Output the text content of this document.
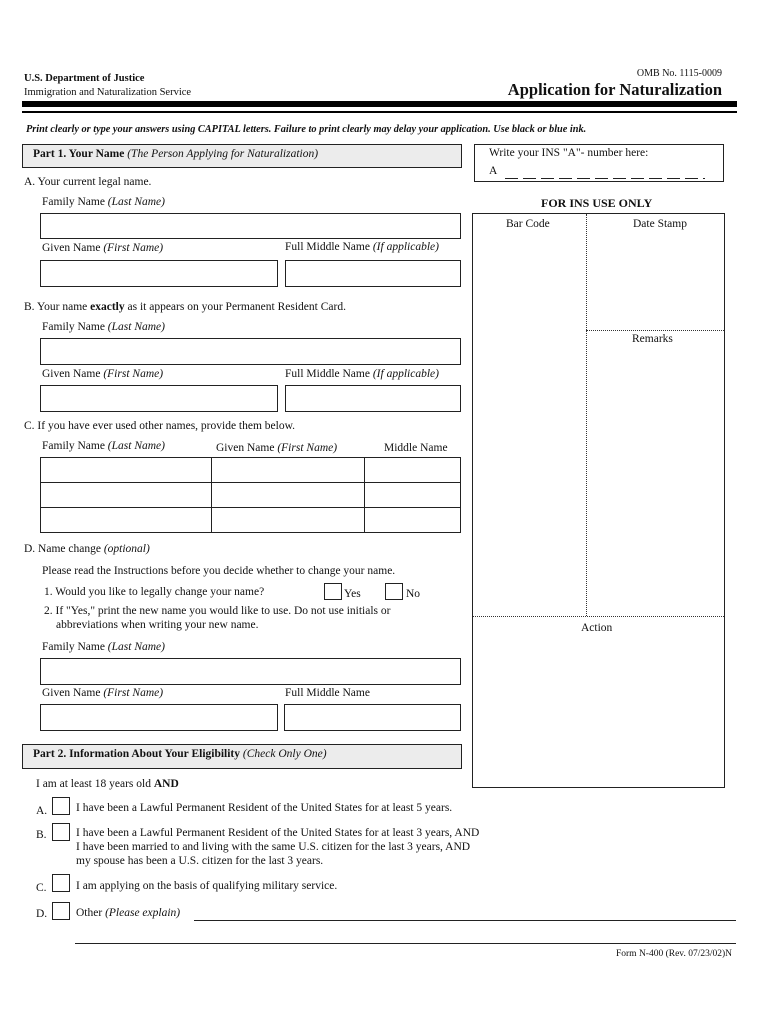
U.S. Department of Justice
Immigration and Naturalization Service
OMB No. 1115-0009
Application for Naturalization
Print clearly or type your answers using CAPITAL letters. Failure to print clearly may delay your application. Use black or blue ink.
Part 1. Your Name (The Person Applying for Naturalization)	Write your INS "A"- number here:
A
A. Your current legal name.
Family Name (Last Name)
Given Name (First Name)	Full Middle Name (If applicable)
B. Your name exactly as it appears on your Permanent Resident Card.
Family Name (Last Name)
Given Name (First Name)	Full Middle Name (If applicable)
C. If you have ever used other names, provide them below.
Family Name (Last Name)	Given Name (First Name)	Middle Name

D. Name change (optional)
Please read the Instructions before you decide whether to change your name.
1. Would you like to legally change your name?	Yes	No
2. If "Yes," print the new name you would like to use. Do not use initials or
abbreviations when writing your new name.
Family Name (Last Name)
Given Name (First Name)	Full Middle Name
FOR INS USE ONLY
Bar Code	Date Stamp
Remarks
Action
Part 2. Information About Your Eligibility (Check Only One)
I am at least 18 years old AND
A.	I have been a Lawful Permanent Resident of the United States for at least 5 years.
B.	I have been a Lawful Permanent Resident of the United States for at least 3 years, AND
I have been married to and living with the same U.S. citizen for the last 3 years, AND
my spouse has been a U.S. citizen for the last 3 years.
C.	I am applying on the basis of qualifying military service.
D.	Other (Please explain)
Form N-400 (Rev. 07/23/02)N
